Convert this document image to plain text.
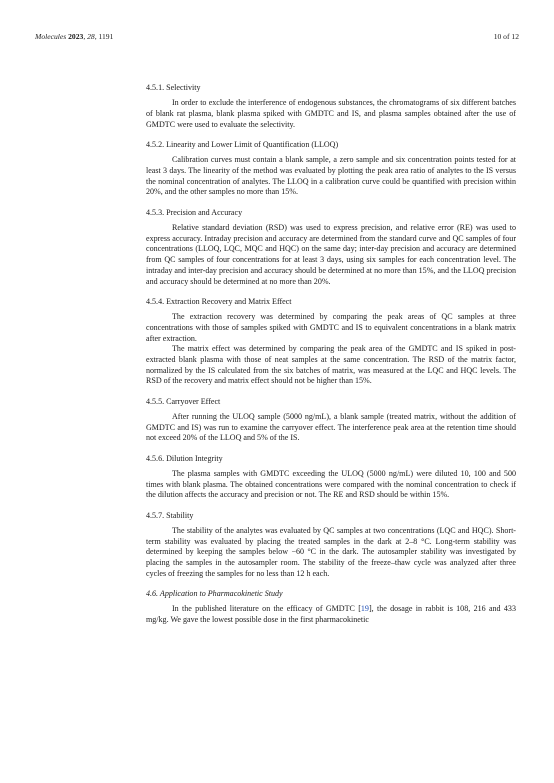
Molecules 2023, 28, 1191	10 of 12
4.5.1. Selectivity

In order to exclude the interference of endogenous substances, the chromatograms of six different batches of blank rat plasma, blank plasma spiked with GMDTC and IS, and plasma samples obtained after the use of GMDTC were used to evaluate the selectivity.

4.5.2. Linearity and Lower Limit of Quantification (LLOQ)

Calibration curves must contain a blank sample, a zero sample and six concentration points tested for at least 3 days. The linearity of the method was evaluated by plotting the peak area ratio of analytes to the IS versus the nominal concentration of analytes. The LLOQ in a calibration curve could be quantified with precision within 20%, and the other samples no more than 15%.

4.5.3. Precision and Accuracy

Relative standard deviation (RSD) was used to express precision, and relative error (RE) was used to express accuracy. Intraday precision and accuracy are determined from the standard curve and QC samples of four concentrations (LLOQ, LQC, MQC and HQC) on the same day; inter-day precision and accuracy are determined from QC samples of four concentrations for at least 3 days, using six samples for each concentration level. The intraday and inter-day precision and accuracy should be determined at no more than 15%, and the LLOQ precision and accuracy should be determined at no more than 20%.

4.5.4. Extraction Recovery and Matrix Effect

The extraction recovery was determined by comparing the peak areas of QC samples at three concentrations with those of samples spiked with GMDTC and IS to equivalent concentrations in a blank matrix after extraction.

The matrix effect was determined by comparing the peak area of the GMDTC and IS spiked in post-extracted blank plasma with those of neat samples at the same concentration. The RSD of the matrix factor, normalized by the IS calculated from the six batches of matrix, was measured at the LQC and HQC levels. The RSD of the recovery and matrix effect should not be higher than 15%.

4.5.5. Carryover Effect

After running the ULOQ sample (5000 ng/mL), a blank sample (treated matrix, without the addition of GMDTC and IS) was run to examine the carryover effect. The interference peak area at the retention time should not exceed 20% of the LLOQ and 5% of the IS.

4.5.6. Dilution Integrity

The plasma samples with GMDTC exceeding the ULOQ (5000 ng/mL) were diluted 10, 100 and 500 times with blank plasma. The obtained concentrations were compared with the nominal concentration to check if the dilution affects the accuracy and precision or not. The RE and RSD should be within 15%.

4.5.7. Stability

The stability of the analytes was evaluated by QC samples at two concentrations (LQC and HQC). Short-term stability was evaluated by placing the treated samples in the dark at 2–8 °C. Long-term stability was determined by keeping the samples below −60 °C in the dark. The autosampler stability was investigated by placing the samples in the autosampler room. The stability of the freeze–thaw cycle was analyzed after three cycles of freezing the samples for no less than 12 h each.

4.6. Application to Pharmacokinetic Study

In the published literature on the efficacy of GMDTC [19], the dosage in rabbit is 108, 216 and 433 mg/kg. We gave the lowest possible dose in the first pharmacokinetic
